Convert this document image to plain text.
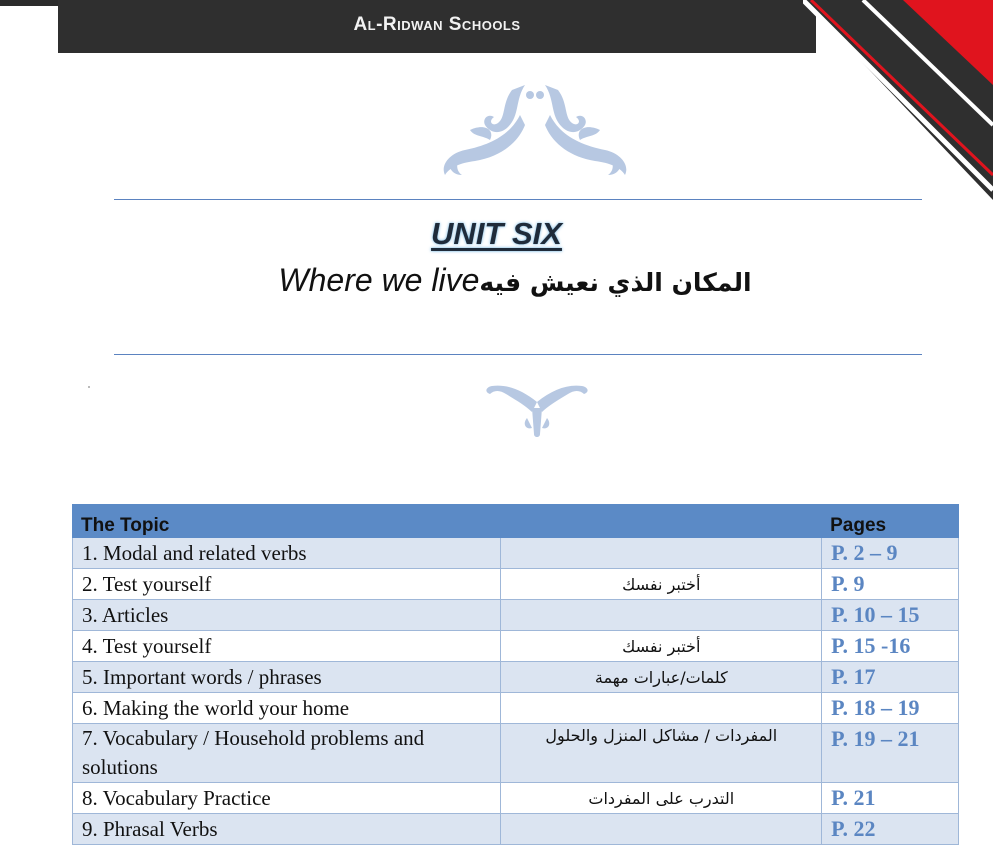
Al-Ridwan Schools
UNIT SIX
Where we liveالمكان الذي نعيش فيه
The Topic		Pages
1. Modal and related verbs		P. 2 – 9
2. Test yourself	أختبر نفسك	P. 9
3. Articles		P. 10 – 15
4. Test yourself	أختبر نفسك	P. 15 -16
5. Important words / phrases	كلمات/عبارات مهمة	P. 17
6. Making the world your home		P. 18 – 19
7. Vocabulary / Household problems and solutions	المفردات / مشاكل المنزل والحلول	P. 19 – 21
8. Vocabulary Practice	التدرب على المفردات	P. 21
9. Phrasal Verbs		P. 22
